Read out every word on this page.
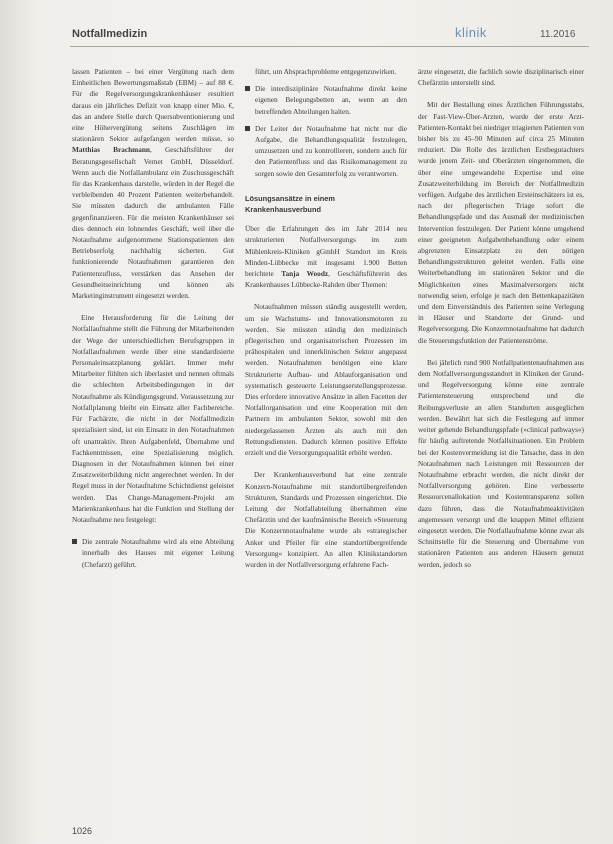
Notfallmedizin	klinik	11.2016

lassen Patienten – bei einer Vergütung nach dem Einheitlichen Bewertungsmaßstab (EBM) – auf 88 €. Für die Regelversorgungskrankenhäuser resultiert daraus ein jährliches Defizit von knapp einer Mio. €, das an andere Stelle durch Quersubventionierung und eine Höhervergütung seitens Zuschlägen im stationären Sektor aufgefangen werden müsse, so Matthias Brachmann, Geschäftsführer der Beratungsgesellschaft Vernet GmbH, Düsseldorf. Wenn auch die Notfallambulanz ein Zuschussgeschäft für das Krankenhaus darstelle, würden in der Regel die verbleibenden 40 Prozent Patienten weiterbehandelt. Sie müssten dadurch die ambulanten Fälle gegenfinanzieren. Für die meisten Krankenhäuser sei dies dennoch ein lohnendes Geschäft, weil über die Notaufnahme aufgenommene Stationspatienten den Betriebserfolg nachhaltig sicherten. Gut funktionierende Notaufnahmen garantieren den Patientenzufluss, verstärken das Ansehen der Gesundheitseinrichtung und können als Marketinginstrument eingesetzt werden.

Eine Herausforderung für die Leitung der Notfallaufnahme stellt die Führung der Mitarbeitenden der Wege der unterschiedlichen Berufsgruppen in Notfallaufnahmen werde über eine standardisierte Personaleinsatzplanung geklärt. Immer mehr Mitarbeiter fühlten sich überlastet und nennen oftmals die schlechten Arbeitsbedingungen in der Notaufnahme als Kündigungsgrund. Voraussetzung zur Notfallplanung bleibt ein Einsatz aller Fachbereiche. Für Fachärzte, die nicht in der Notfallmedizin spezialisiert sind, ist ein Einsatz in den Notaufnahmen oft unattraktiv. Ihren Aufgabenfeld, Übernahme und Fachkenntnissen, eine Spezialisierung möglich. Diagnosen in der Notaufnahmen können bei einer Zusatzweiterbildung nicht angerechnet werden. In der Regel muss in der Notaufnahme Schichtdienst geleistet werden. Das Change-Management-Projekt am Marienkrankenhaus hat die Funktion und Stellung der Notaufnahme neu festgelegt:

Die zentrale Notaufnahme wird als eine Abteilung innerhalb des Hauses mit eigener Leitung (Chefarzt) geführt.
führt, um Absprachprobleme entgegenzuwirken.
Die interdisziplinäre Notaufnahme direkt keine eigenen Belegungsbetten an, wenn an den betreffenden Abteilungen halten.
Der Leiter der Notaufnahme hat nicht nur die Aufgabe, die Behandlungsqualität festzulegen, umzusetzen und zu kontrollieren, sondern auch für den Patientenfluss und das Risikomanagement zu sorgen sowie den Gesamterfolg zu verantworten.
Lösungsansätze in einem Krankenhausverbund

Über die Erfahrungen des im Jahr 2014 neu strukturierten Notfallversorgungs im zum Mühlenkreis-Kliniken gGmbH Standort im Kreis Minden-Lübbecke mit insgesamt 1.900 Betten berichtete Tanja Woodz, Geschäftsführerin des Krankenhauses Lübbecke-Rahden über Themen:

Notaufnahmen müssen ständig ausgestellt werden, um sie Wachstums- und Innovationsmotoren zu werden. Sie müssten ständig den medizinisch pflegerischen und organisatorischen Prozessen im prähospitalen und innerklinischen Sektor angepasst werden. Notaufnahmen benötigen eine klare Strukturierte Aufbau- und Ablauforganisation und systematisch gesteuerte Leistungserstellungsprozesse. Dies erfordere innovative Ansätze in allen Facetten der Notfallorganisation und eine Kooperation mit den Partnern im ambulanten Sektor, sowohl mit den niedergelassenen Ärzten als auch mit den Rettungsdiensten. Dadurch können positive Effekte erzielt und die Versorgungsqualität erhöht werden.

Der Krankenhausverbund hat eine zentrale Konzern-Notaufnahme mit standortübergreifenden Strukturen, Standards und Prozessen eingerichtet. Die Leitung der Notfallabteilung übernahmen eine Chefärztin und der kaufmännische Bereich »Steuerung Die Konzernnotaufnahme wurde als »strategischer Anker und Pfeiler für eine standortübergreifende Versorgung« konzipiert. An allen Klinikstandorten wurden in der Notfallversorgung erfahrene Fach-

ärzte eingesetzt, die fachlich sowie disziplinarisch einer Chefärztin unterstellt sind.

Mit der Bestallung eines Ärztlichen Führungsstabs, der Fast-View-Über-Arzten, wurde der erste Arzt-Patienten-Kontakt bei niedriger triagierten Patienten von bisher bis zu 45–90 Minuten auf circa 25 Minuten reduziert. Die Rolle des ärztlichen Erstbegutachters wurde jenem Zeit- und Oberärzten eingenommen, die über eine umgewandelte Expertise und eine Zusatzweiterbildung im Bereich der Notfallmedizin verfügen. Aufgabe des ärztlichen Ersteinschätzers ist es, nach der pflegerischen Triage sofort die Behandlungspfade und das Ausmaß der medizinischen Intervention festzulegen. Der Patient könne umgehend einer geeigneten Aufgabenbehandlung oder einem abgrenzten Einsatzplatz zu den nötigen Behandlungsstrukturen geleitet werden. Falls eine Weiterbehandlung im stationären Sektor und die Möglichkeiten eines Maximalversorgers nicht notwendig seien, erfolge je nach den Bettenkapazitäten und dem Einverständnis des Patienten seine Verlegung in Häuser und Standorte der Grund- und Regelversorgung. Die Konzernnotaufnahme hat dadurch die Steuerungsfunktion der Patientenströme.

Bei jährlich rund 900 Notfallpatientenaufnahmen aus dem Notfallversorgungsstandort in Kliniken der Grund- und Regelversorgung könne eine zentrale Patientensteuerung entsprechend und die Reibungsverluste an allen Standorten ausgeglichen werden. Bewährt hat sich die Festlegung auf immer weiter gehende Behandlungspfade (»clinical pathways«) für häufig auftretende Notfallsituationen. Ein Problem bei der Kostenvermeidung ist die Tatsache, dass in den Notaufnahmen nach Leistungen mit Ressourcen der Notaufnahme erbracht werden, die nicht direkt der Notfallversorgung gehören. Eine verbesserte Ressourcenallokation und Kostentransparenz sollen dazu führen, dass die Notaufnahmeaktivitäten angemessen versorgt und die knappen Mittel effizient eingesetzt werden. Die Notfallaufnahme könne zwar als Schnittstelle für die Steuerung und Übernahme von stationären Patienten aus anderen Häusern genutzt werden, jedoch so

1026
